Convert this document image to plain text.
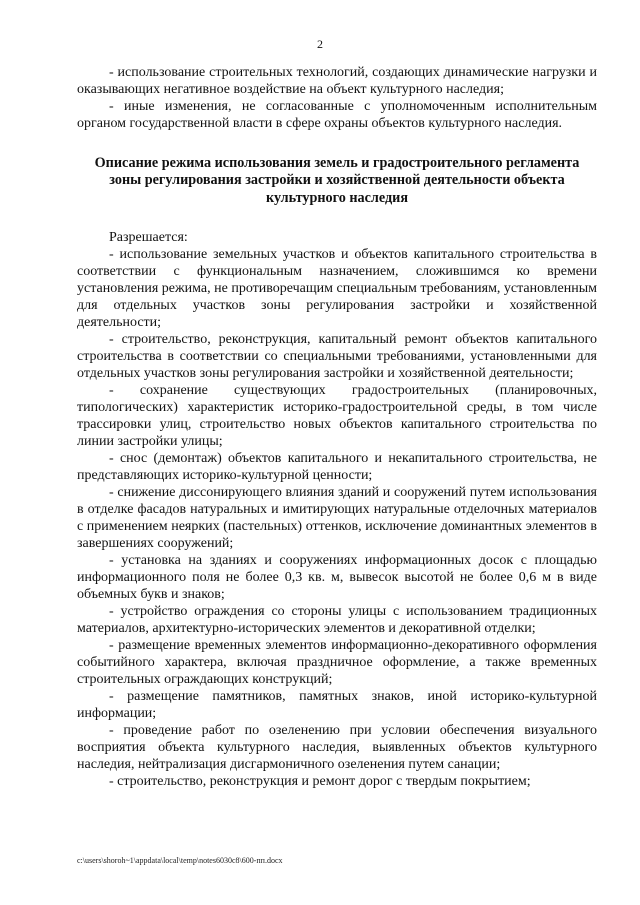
2

- использование строительных технологий, создающих динамические нагрузки и оказывающих негативное воздействие на объект культурного наследия;

- иные изменения, не согласованные с уполномоченным исполнительным органом государственной власти в сфере охраны объектов культурного наследия.

Описание режима использования земель и градостроительного регламента зоны регулирования застройки и хозяйственной деятельности объекта культурного наследия

Разрешается:

- использование земельных участков и объектов капитального строительства в соответствии с функциональным назначением, сложившимся ко времени установления режима, не противоречащим специальным требованиям, установленным для отдельных участков зоны регулирования застройки и хозяйственной деятельности;

- строительство, реконструкция, капитальный ремонт объектов капитального строительства в соответствии со специальными требованиями, установленными для отдельных участков зоны регулирования застройки и хозяйственной деятельности;

- сохранение существующих градостроительных (планировочных, типологических) характеристик историко-градостроительной среды, в том числе трассировки улиц, строительство новых объектов капитального строительства по линии застройки улицы;

- снос (демонтаж) объектов капитального и некапитального строительства, не представляющих историко-культурной ценности;

- снижение диссонирующего влияния зданий и сооружений путем использования в отделке фасадов натуральных и имитирующих натуральные отделочных материалов с применением неярких (пастельных) оттенков, исключение доминантных элементов в завершениях сооружений;

- установка на зданиях и сооружениях информационных досок с площадью информационного поля не более 0,3 кв. м, вывесок высотой не более 0,6 м в виде объемных букв и знаков;

- устройство ограждения со стороны улицы с использованием традиционных материалов, архитектурно-исторических элементов и декоративной отделки;

- размещение временных элементов информационно-декоративного оформления событийного характера, включая праздничное оформление, а также временных строительных ограждающих конструкций;

- размещение памятников, памятных знаков, иной историко-культурной информации;

- проведение работ по озеленению при условии обеспечения визуального восприятия объекта культурного наследия, выявленных объектов культурного наследия, нейтрализация дисгармоничного озеленения путем санации;

- строительство, реконструкция и ремонт дорог с твердым покрытием;

c:\users\shoroh~1\appdata\local\temp\notes6030c8\600-пп.docx
